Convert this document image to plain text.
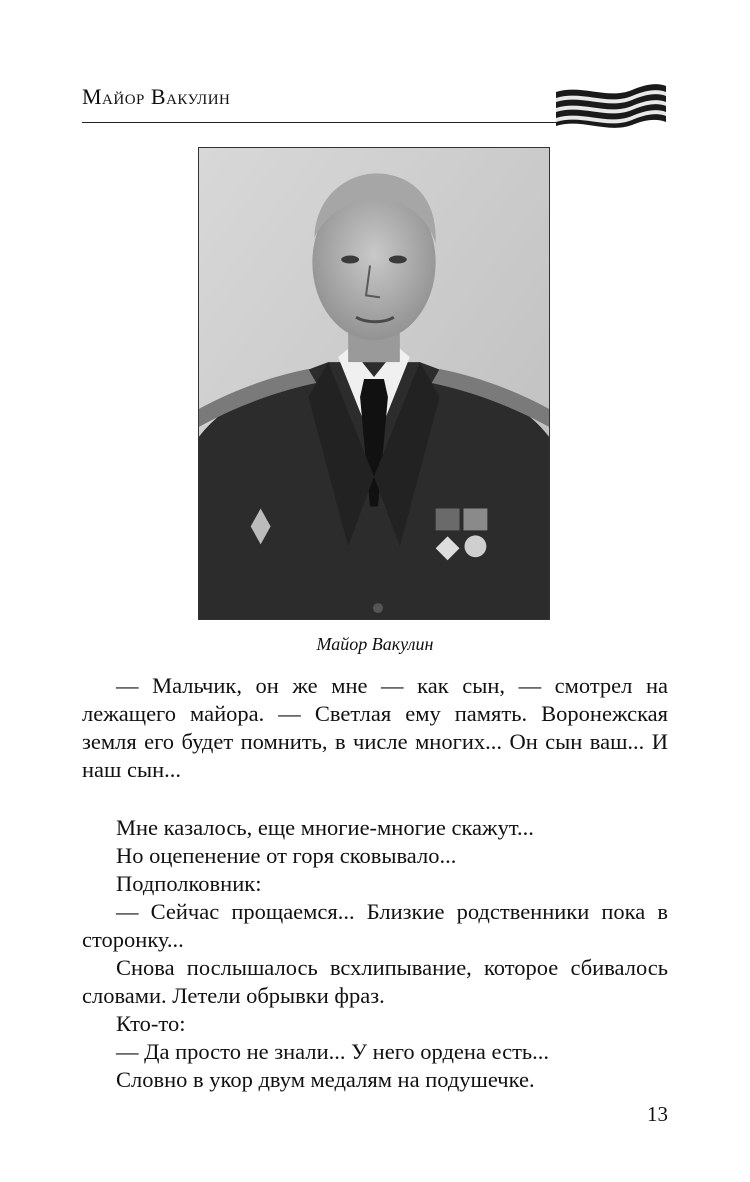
Майор Вакулин
Майор Вакулин

— Мальчик, он же мне — как сын, — смотрел на лежащего майора. — Светлая ему память. Воронежская земля его будет помнить, в числе многих... Он сын ваш... И наш сын...

Мне казалось, еще многие-многие скажут...

Но оцепенение от горя сковывало...

Подполковник:

— Сейчас прощаемся... Близкие родственники пока в сторонку...

Снова послышалось всхлипывание, которое сбивалось словами. Летели обрывки фраз.

Кто-то:

— Да просто не знали... У него ордена есть...

Словно в укор двум медалям на подушечке.

13
